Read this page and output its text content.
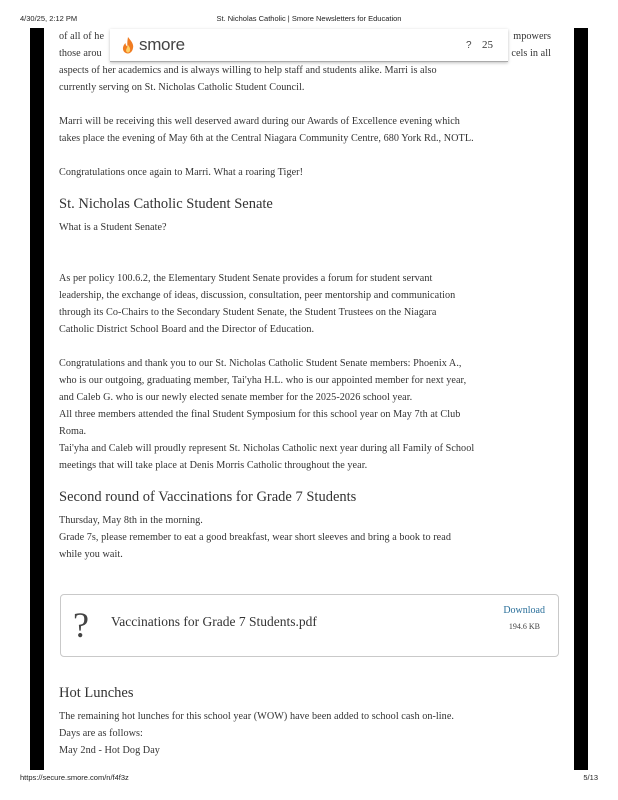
4/30/25, 2:12 PM	St. Nicholas Catholic | Smore Newsletters for Education

of all of he	mpowers

those arou	cels in all

aspects of her academics and is always willing to help staff and students alike. Marri is also

currently serving on St. Nicholas Catholic Student Council.

Marri will be receiving this well deserved award during our Awards of Excellence evening which

takes place the evening of May 6th at the Central Niagara Community Centre, 680 York Rd., NOTL.

Congratulations once again to Marri. What a roaring Tiger!

St. Nicholas Catholic Student Senate

What is a Student Senate?

As per policy 100.6.2, the Elementary Student Senate provides a forum for student servant

leadership, the exchange of ideas, discussion, consultation, peer mentorship and communication

through its Co-Chairs to the Secondary Student Senate, the Student Trustees on the Niagara

Catholic District School Board and the Director of Education.

Congratulations and thank you to our St. Nicholas Catholic Student Senate members: Phoenix A.,

who is our outgoing, graduating member, Tai'yha H.L. who is our appointed member for next year,

and Caleb G. who is our newly elected senate member for the 2025-2026 school year.

All three members attended the final Student Symposium for this school year on May 7th at Club

Roma.

Tai'yha and Caleb will proudly represent St. Nicholas Catholic next year during all Family of School

meetings that will take place at Denis Morris Catholic throughout the year.

Second round of Vaccinations for Grade 7 Students

Thursday, May 8th in the morning.

Grade 7s, please remember to eat a good breakfast, wear short sleeves and bring a book to read

while you wait.

Hot Lunches

The remaining hot lunches for this school year (WOW) have been added to school cash on-line.

Days are as follows:

May 2nd - Hot Dog Day

smore	? 25
? Vaccinations for Grade 7 Students.pdf
Download
194.6 KB
https://secure.smore.com/n/f4f3z	5/13
